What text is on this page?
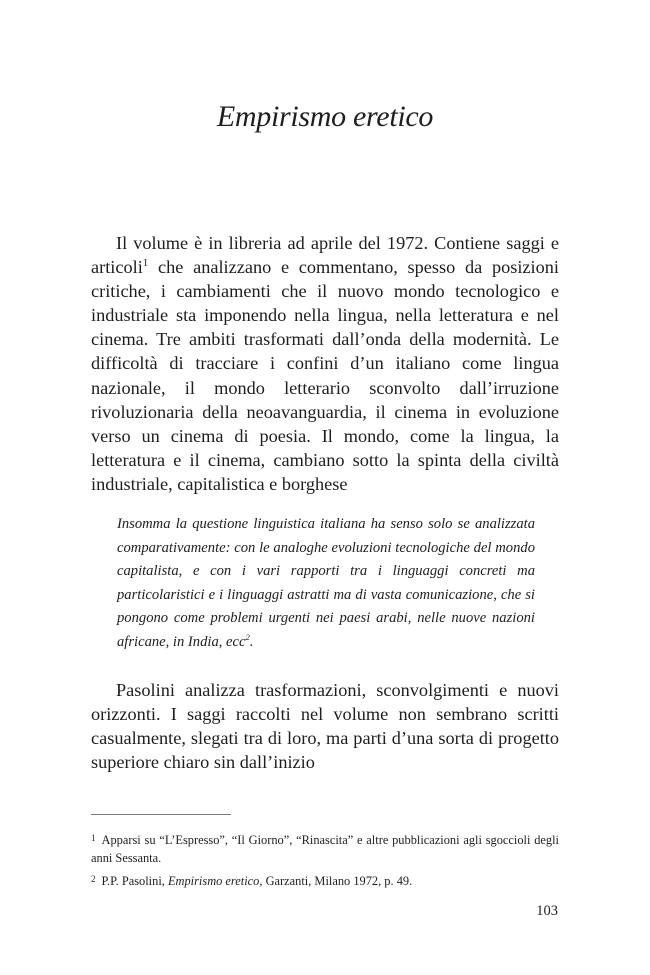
Empirismo eretico

Il volume è in libreria ad aprile del 1972. Contiene saggi e articoli$^1$ che analizzano e commentano, spesso da posizioni critiche, i cambiamenti che il nuovo mondo tecnologico e industriale sta imponendo nella lingua, nella letteratura e nel cinema. Tre ambiti trasformati dall’onda della modernità. Le difficoltà di tracciare i confini d’un italiano come lingua nazionale, il mondo letterario sconvolto dall’irruzione rivoluzionaria della neoavanguardia, il cinema in evoluzione verso un cinema di poesia. Il mondo, come la lingua, la letteratura e il cinema, cambiano sotto la spinta della civiltà industriale, capitalistica e borghese

Insomma la questione linguistica italiana ha senso solo se analizzata comparativamente: con le analoghe evoluzioni tecnologiche del mondo capitalista, e con i vari rapporti tra i linguaggi concreti ma particolaristici e i linguaggi astratti ma di vasta comunicazione, che si pongono come problemi urgenti nei paesi arabi, nelle nuove nazioni africane, in India, ecc$^2$.

Pasolini analizza trasformazioni, sconvolgimenti e nuovi orizzonti. I saggi raccolti nel volume non sembrano scritti casualmente, slegati tra di loro, ma parti d’una sorta di progetto superiore chiaro sin dall’inizio

$^1$ Apparsi su “L’Espresso”, “Il Giorno”, “Rinascita” e altre pubblicazioni agli sgoccioli degli anni Sessanta.

$^2$ P.P. Pasolini, Empirismo eretico, Garzanti, Milano 1972, p. 49.

103
